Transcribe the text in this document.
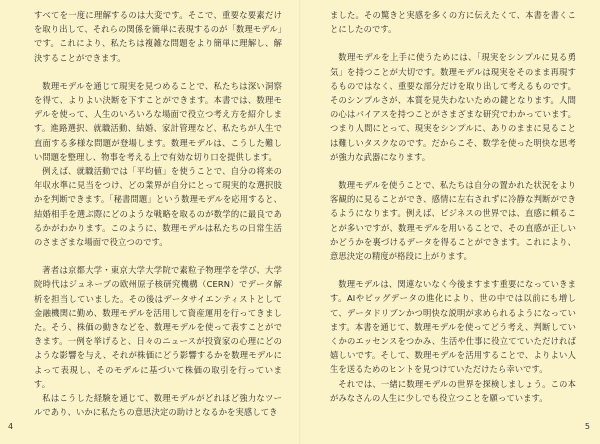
すべてを一度に理解するのは大変です。そこで、重要な要素だけを取り出して、それらの関係を簡単に表現するのが「数理モデル」です。これにより、私たちは複雑な問題をより簡単に理解し、解決することができます。

数理モデルを通じて現実を見つめることで、私たちは深い洞察を得て、よりよい決断を下すことができます。本書では、数理モデルを使って、人生のいろいろな場面で役立つ考え方を紹介します。進路選択、就職活動、結婚、家計管理など、私たちが人生で直面する多様な問題が登場します。数理モデルは、こうした難しい問題を整理し、物事を考える上で有効な切り口を提供します。

例えば、就職活動では「平均値」を使うことで、自分の将来の年収水準に見当をつけ、どの業界が自分にとって現実的な選択肢かを判断できます。「秘書問題」という数理モデルを応用すると、結婚相手を選ぶ際にどのような戦略を取るのが数学的に最良であるかがわかります。このように、数理モデルは私たちの日常生活のさまざまな場面で役立つのです。

著者は京都大学・東京大学大学院で素粒子物理学を学び、大学院時代はジュネーブの欧州原子核研究機構（CERN）でデータ解析を担当していました。その後はデータサイエンティストとして金融機関に勤め、数理モデルを活用して資産運用を行ってきました。そう、株価の動きなどを、数理モデルを使って表すことができます。一例を挙げると、日々のニュースが投資家の心理にどのような影響を与え、それが株価にどう影響するかを数理モデルによって表現し、そのモデルに基づいて株価の取引を行っています。

私はこうした経験を通じて、数理モデルがどれほど強力なツールであり、いかに私たちの意思決定の助けとなるかを実感してき

4

ました。その驚きと実感を多くの方に伝えたくて、本書を書くことにしたのです。

数理モデルを上手に使うためには、「現実をシンプルに見る勇気」を持つことが大切です。数理モデルは現実をそのまま再現するものではなく、重要な部分だけを取り出して考えるものです。そのシンプルさが、本質を見失わないための鍵となります。人間の心はバイアスを持つことがさまざまな研究でわかっています。つまり人間にとって、現実をシンプルに、ありのままに見ることは難しいタスクなのです。だからこそ、数学を使った明快な思考が強力な武器になります。

数理モデルを使うことで、私たちは自分の置かれた状況をより客観的に見ることができ、感情に左右されずに冷静な判断ができるようになります。例えば、ビジネスの世界では、直感に頼ることが多いですが、数理モデルを用いることで、その直感が正しいかどうかを裏づけるデータを得ることができます。これにより、意思決定の精度が格段に上がります。

数理モデルは、関連ないなく今後ますます重要になっていきます。AIやビッグデータの進化により、世の中では以前にも増して、データドリブンかつ明快な説明が求められるようになっています。本書を通じて、数理モデルを使ってどう考え、判断していくかのエッセンスをつかみ、生活や仕事に役立てていただければ嬉しいです。そして、数理モデルを活用することで、よりよい人生を送るためのヒントを見つけていただけたら幸いです。

それでは、一緒に数理モデルの世界を探検しましょう。この本がみなさんの人生に少しでも役立つことを願っています。

5
